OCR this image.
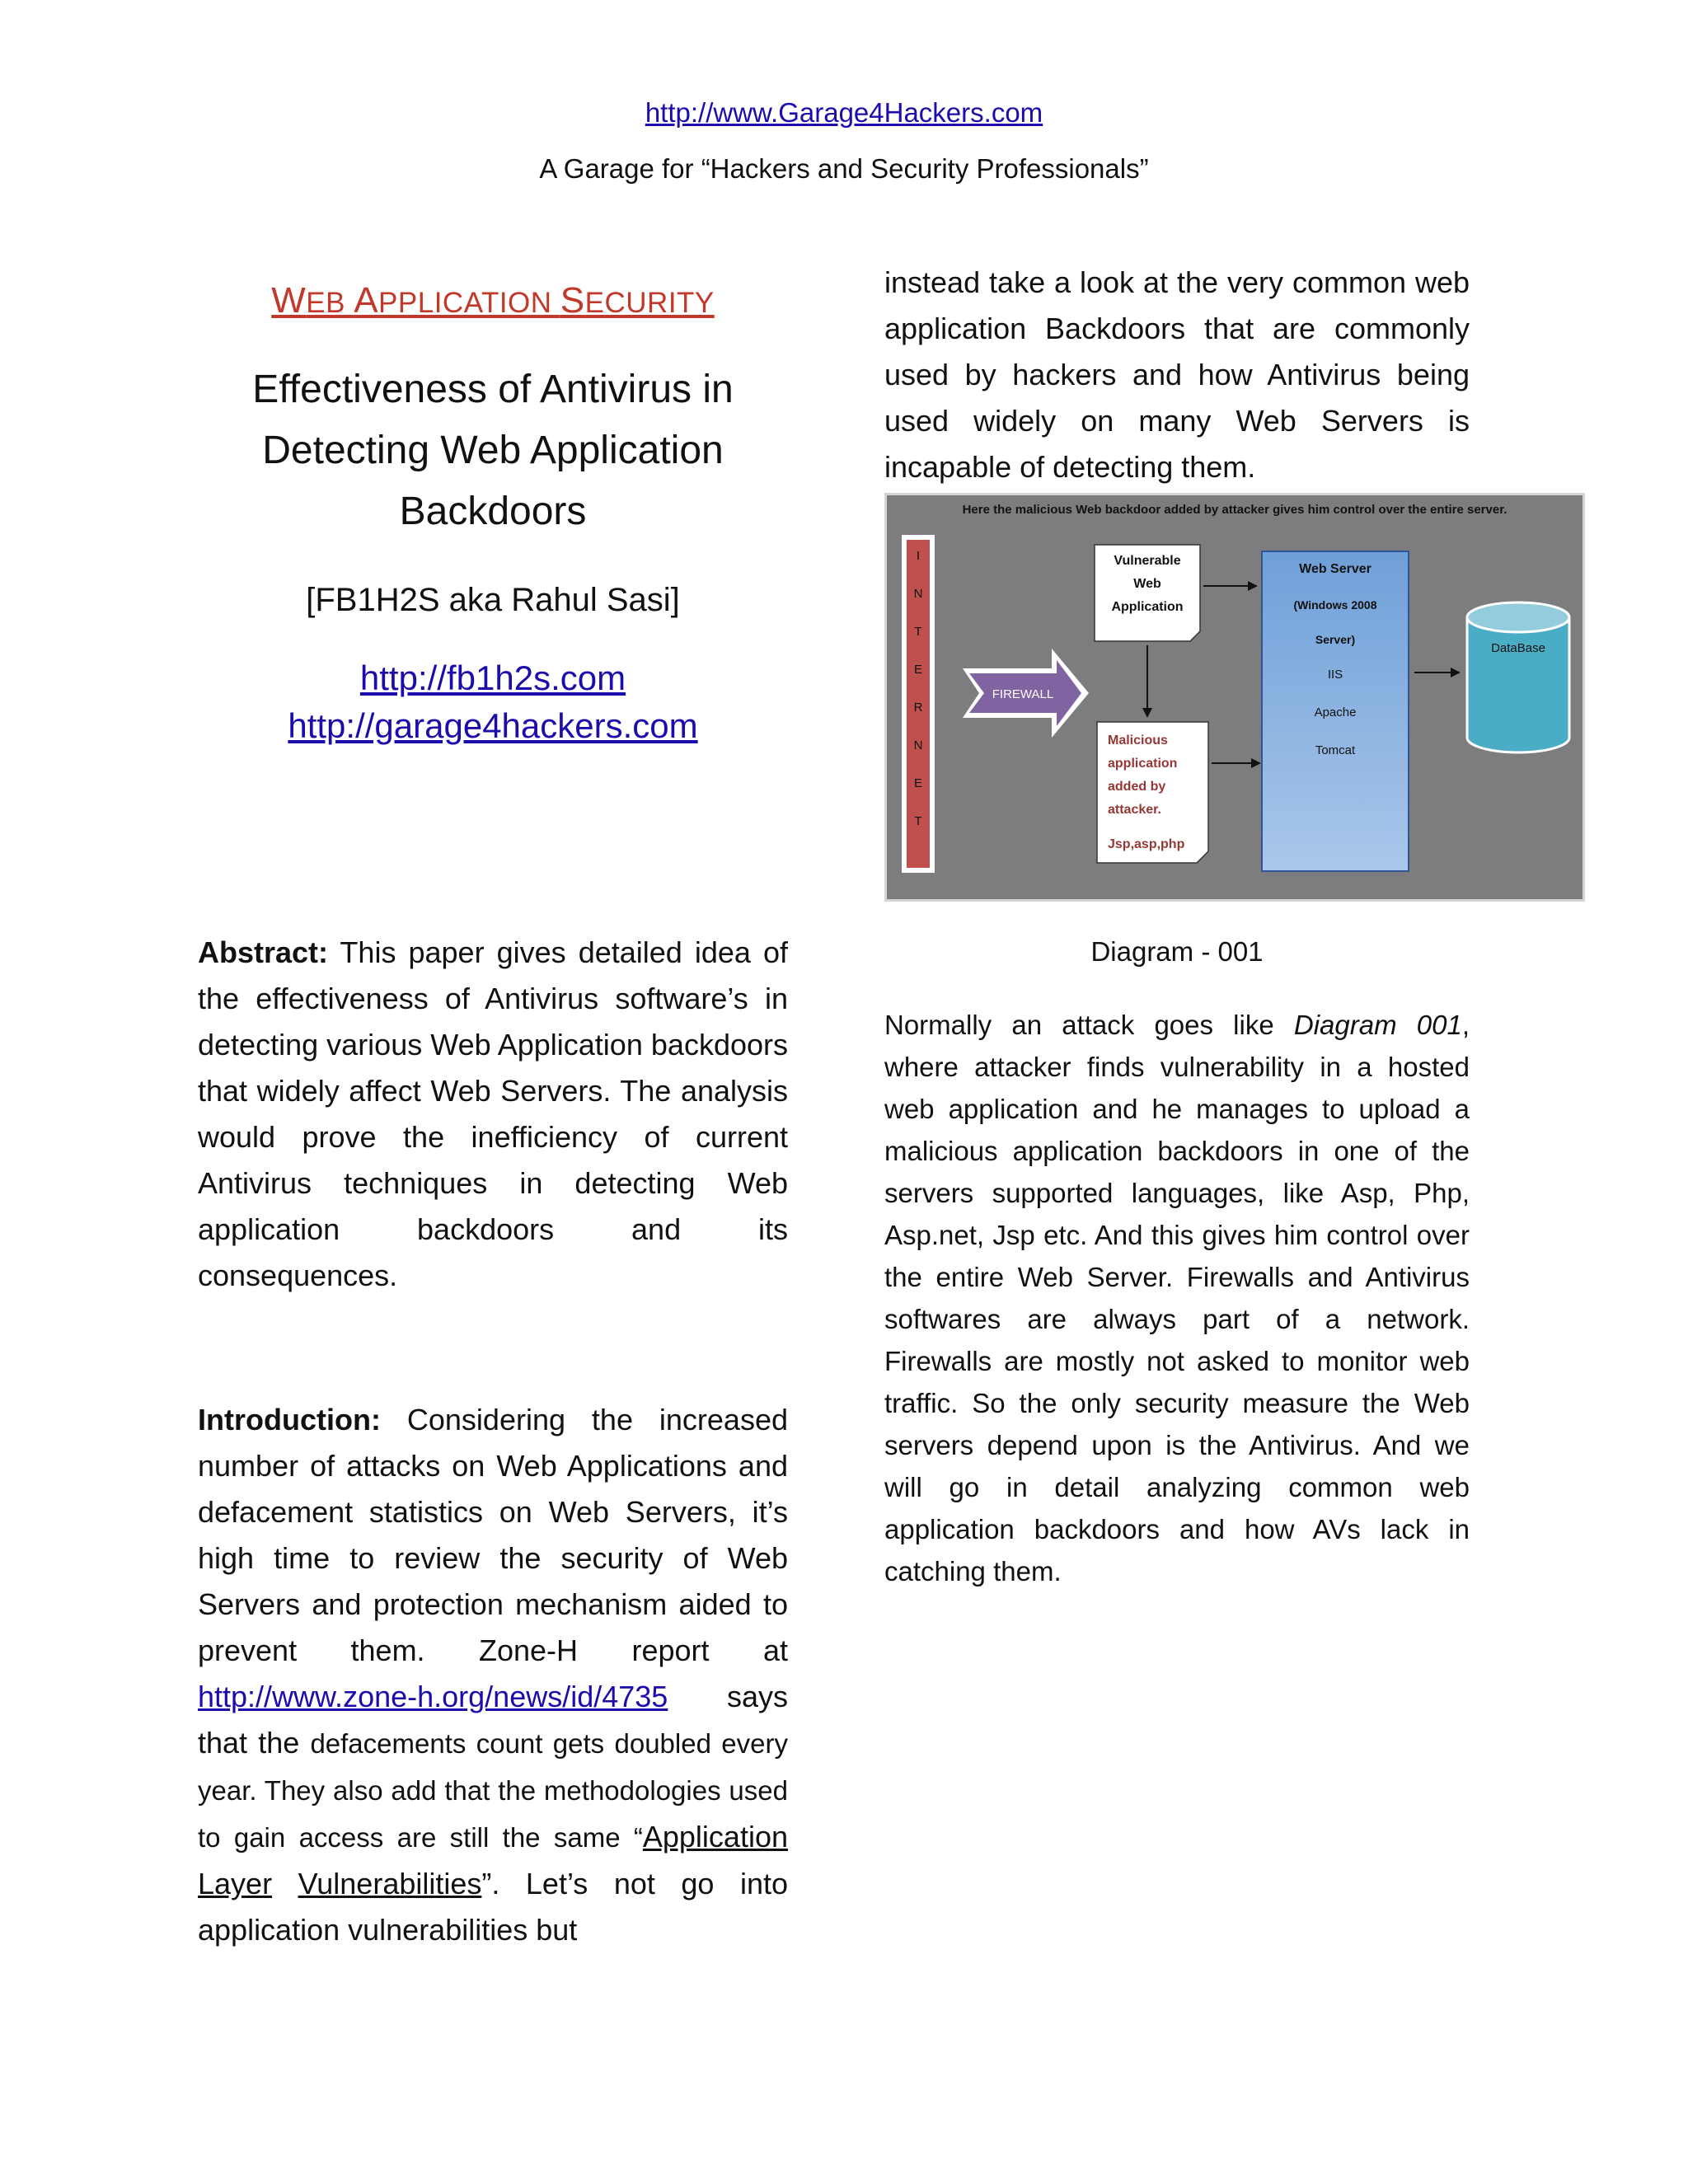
http://www.Garage4Hackers.com
A Garage for “Hackers and Security Professionals”
WEB APPLICATION SECURITY
Effectiveness of Antivirus in
Detecting Web Application
Backdoors
[FB1H2S aka Rahul Sasi]
http://fb1h2s.com
http://garage4hackers.com
Abstract: This paper gives detailed idea of the effectiveness of Antivirus software’s in detecting various Web Application backdoors that widely affect Web Servers. The analysis would prove the inefficiency of current Antivirus techniques in detecting Web application backdoors and its consequences.
Introduction: Considering the increased number of attacks on Web Applications and defacement statistics on Web Servers, it’s high time to review the security of Web Servers and protection mechanism aided to prevent them. Zone-H report at http://www.zone-h.org/news/id/4735 says that the defacements count gets doubled every year. They also add that the methodologies used to gain access are still the same “Application Layer Vulnerabilities”. Let’s not go into application vulnerabilities but
instead take a look at the very common web application Backdoors that are commonly used by hackers and how Antivirus being used widely on many Web Servers is incapable of detecting them.
Here the malicious Web backdoor added by attacker gives him control over the entire server.
I
N
T
E
R
N
E
T
FIREWALL
Vulnerable
Web
Application
Malicious
application
added by
attacker.
Jsp,asp,php
Web Server
(Windows 2008
Server)
IIS
Apache
Tomcat
DataBase
Diagram - 001
Normally an attack goes like Diagram 001, where attacker finds vulnerability in a hosted web application and he manages to upload a malicious application backdoors in one of the servers supported languages, like Asp, Php, Asp.net, Jsp etc. And this gives him control over the entire Web Server. Firewalls and Antivirus softwares are always part of a network. Firewalls are mostly not asked to monitor web traffic. So the only security measure the Web servers depend upon is the Antivirus. And we will go in detail analyzing common web application backdoors and how AVs lack in catching them.
